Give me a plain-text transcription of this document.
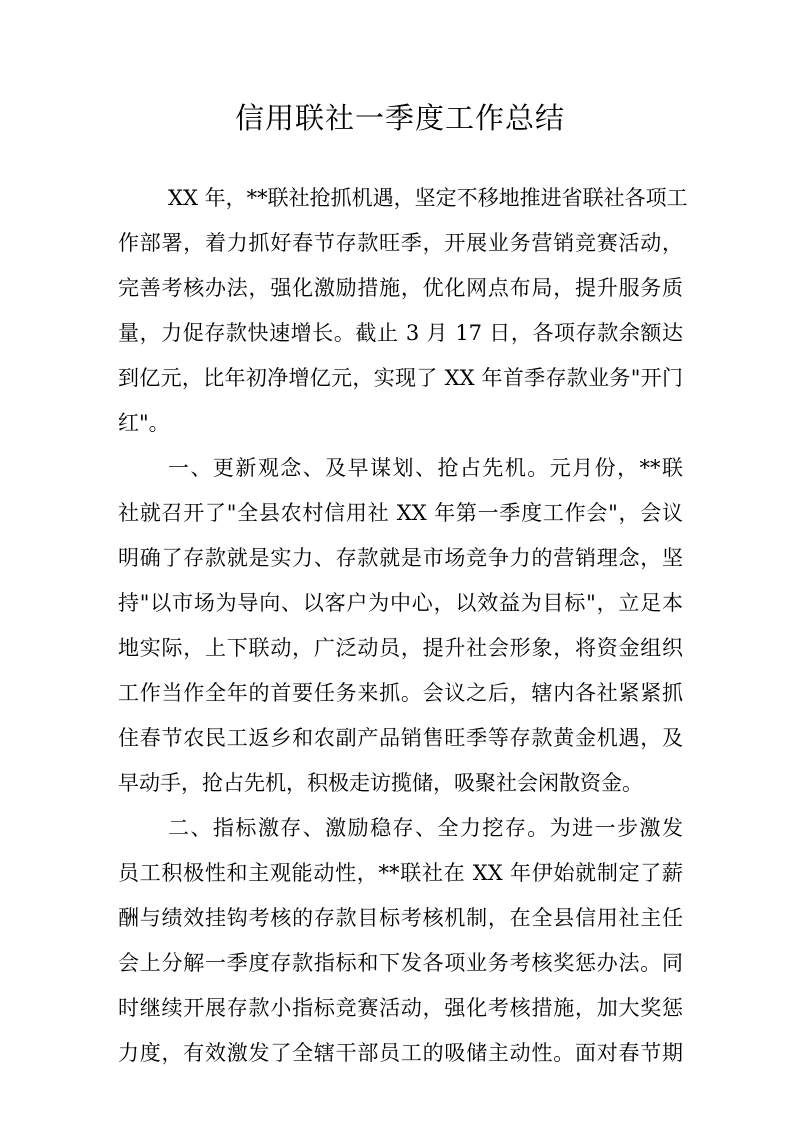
信用联社一季度工作总结
XX 年，**联社抢抓机遇，坚定不移地推进省联社各项工
作部署，着力抓好春节存款旺季，开展业务营销竞赛活动，
完善考核办法，强化激励措施，优化网点布局，提升服务质
量，力促存款快速增长。截止 3 月 17 日，各项存款余额达
到亿元，比年初净增亿元，实现了 XX 年首季存款业务"开门
红"。
一、更新观念、及早谋划、抢占先机。元月份，**联
社就召开了"全县农村信用社 XX 年第一季度工作会"，会议
明确了存款就是实力、存款就是市场竞争力的营销理念，坚
持"以市场为导向、以客户为中心，以效益为目标"，立足本
地实际，上下联动，广泛动员，提升社会形象，将资金组织
工作当作全年的首要任务来抓。会议之后，辖内各社紧紧抓
住春节农民工返乡和农副产品销售旺季等存款黄金机遇，及
早动手，抢占先机，积极走访揽储，吸聚社会闲散资金。
二、指标激存、激励稳存、全力挖存。为进一步激发
员工积极性和主观能动性，**联社在 XX 年伊始就制定了薪
酬与绩效挂钩考核的存款目标考核机制，在全县信用社主任
会上分解一季度存款指标和下发各项业务考核奖惩办法。同
时继续开展存款小指标竞赛活动，强化考核措施，加大奖惩
力度，有效激发了全辖干部员工的吸储主动性。面对春节期
